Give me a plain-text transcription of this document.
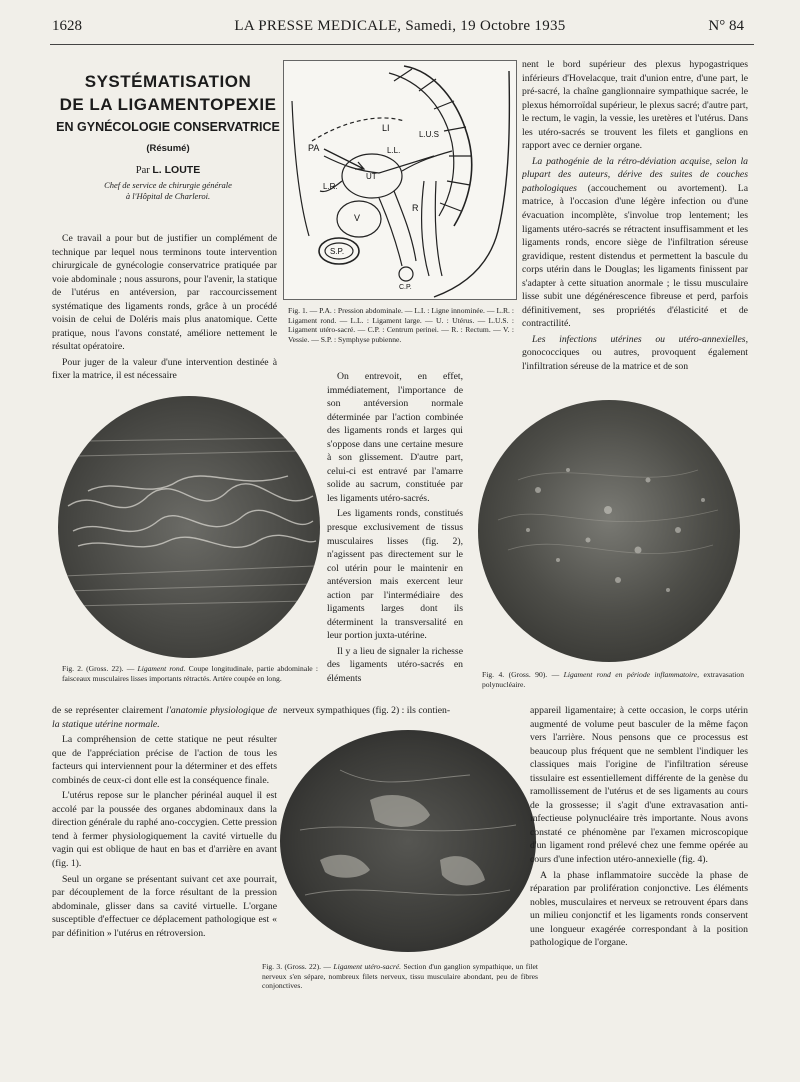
1628	LA PRESSE MEDICALE, Samedi, 19 Octobre 1935	N° 84
SYSTÉMATISATION
DE LA LIGAMENTOPEXIE
EN GYNÉCOLOGIE CONSERVATRICE
(Résumé)
Par L. LOUTE
Chef de service de chirurgie générale
à l'Hôpital de Charleroi.

Ce travail a pour but de justifier un complément de technique par lequel nous terminons toute intervention chirurgicale de gynécologie conservatrice pratiquée par voie abdominale ; nous assurons, pour l'avenir, la statique de l'utérus en antéversion, par raccourcissement systématique des ligaments ronds, grâce à un procédé voisin de celui de Doléris mais plus anatomique. Cette pratique, nous l'avons constaté, améliore nettement le résultat opératoire.

Pour juger de la valeur d'une intervention destinée à fixer la matrice, il est nécessaire

PA
LI
L.U.S
L.L.
UT
L.R.
V
R
S.P.
C.P.

Fig. 1. — P.A. : Pression abdominale. — L.I. : Ligne innominée. — L.R. : Ligament rond. — L.L. : Ligament large. — U. : Utérus. — L.U.S. : Ligament utéro-sacré. — C.P. : Centrum perinei. — R. : Rectum. — V. : Vessie. — S.P. : Symphyse pubienne.

nent le bord supérieur des plexus hypogastriques inférieurs d'Hovelacque, trait d'union entre, d'une part, le pré-sacré, la chaîne ganglionnaire sympathique sacrée, le plexus hémorroïdal supérieur, le plexus sacré; d'autre part, le rectum, le vagin, la vessie, les uretères et l'utérus. Dans les utéro-sacrés se trouvent les filets et ganglions en rapport avec ce dernier organe.

La pathogénie de la rétro-déviation acquise, selon la plupart des auteurs, dérive des suites de couches pathologiques (accouchement ou avortement). La matrice, à l'occasion d'une légère infection ou d'une évacuation incomplète, s'involue trop lentement; les ligaments utéro-sacrés se rétractent insuffisamment et les ligaments ronds, encore siège de l'infiltration séreuse gravidique, restent distendus et permettent la bascule du corps utérin dans le Douglas; les ligaments finissent par s'adapter à cette situation anormale ; le tissu musculaire lisse subit une dégénérescence fibreuse et perd, parfois définitivement, ses propriétés d'élasticité et de contractilité.

Les infections utérines ou utéro-annexielles, gonococciques ou autres, provoquent également l'infiltration séreuse de la matrice et de son

Fig. 2. (Gross. 22). — Ligament rond. Coupe longitudinale, partie abdominale : faisceaux musculaires lisses importants rétractés. Artère coupée en long.

On entrevoit, en effet, immédiatement, l'importance de son antéversion normale déterminée par l'action combinée des ligaments ronds et larges qui s'oppose dans une certaine mesure à son glissement. D'autre part, celui-ci est entravé par l'amarre solide au sacrum, constituée par les ligaments utéro-sacrés.

Les ligaments ronds, constitués presque exclusivement de tissus musculaires lisses (fig. 2), n'agissent pas directement sur le col utérin pour le maintenir en antéversion mais exercent leur action par l'intermédiaire des ligaments larges dont ils déterminent la transversalité en leur portion juxta-utérine.

Il y a lieu de signaler la richesse des ligaments utéro-sacrés en éléments	Fig. 4. (Gross. 90). — Ligament rond en période inflammatoire, extravasation polynucléaire.

de se représenter clairement l'anatomie physiologique de la statique utérine normale.

La compréhension de cette statique ne peut résulter que de l'appréciation précise de l'action de tous les facteurs qui interviennent pour la déterminer et des effets combinés de ceux-ci dont elle est la conséquence finale.

L'utérus repose sur le plancher périnéal auquel il est accolé par la poussée des organes abdominaux dans la direction générale du raphé ano-coccygien. Cette pression tend à fermer physiologiquement la cavité virtuelle du vagin qui est oblique de haut en bas et d'arrière en avant (fig. 1).

Seul un organe se présentant suivant cet axe pourrait, par découplement de la force résultant de la pression abdominale, glisser dans sa cavité virtuelle. L'organe susceptible d'effectuer ce déplacement pathologique est « par définition » l'utérus en rétroversion.

nerveux sympathiques (fig. 2) : ils contien-

Fig. 3. (Gross. 22). — Ligament utéro-sacré. Section d'un ganglion sympathique, un filet nerveux s'en sépare, nombreux filets nerveux, tissu musculaire abondant, peu de fibres conjonctives.

appareil ligamentaire; à cette occasion, le corps utérin augmenté de volume peut basculer de la même façon vers l'arrière. Nous pensons que ce processus est beaucoup plus fréquent que ne semblent l'indiquer les classiques mais l'origine de l'infiltration séreuse tissulaire est essentiellement différente de la genèse du ramollissement de l'utérus et de ses ligaments au cours de la grossesse; il s'agit d'une extravasation anti-infectieuse polynucléaire très importante. Nous avons constaté ce phénomène par l'examen microscopique d'un ligament rond prélevé chez une femme opérée au cours d'une infection utéro-annexielle (fig. 4).

A la phase inflammatoire succède la phase de réparation par prolifération conjonctive. Les éléments nobles, musculaires et nerveux se retrouvent épars dans un milieu conjonctif et les ligaments ronds conservent une longueur exagérée correspondant à la position pathologique de l'organe.
